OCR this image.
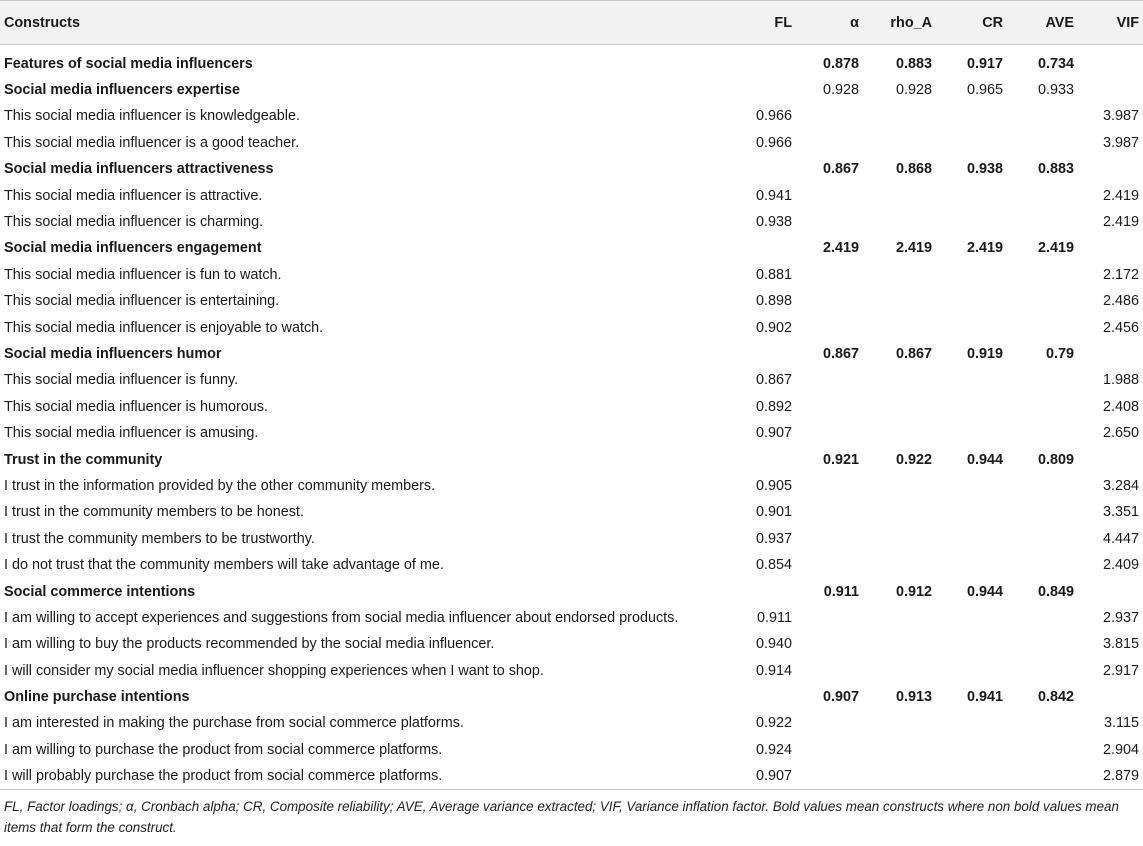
Constructs	FL	α	rho_A	CR	AVE	VIF

Features of social media influencers		0.878	0.883	0.917	0.734	
Social media influencers expertise		0.928	0.928	0.965	0.933	
This social media influencer is knowledgeable.	0.966					3.987
This social media influencer is a good teacher.	0.966					3.987
Social media influencers attractiveness		0.867	0.868	0.938	0.883	
This social media influencer is attractive.	0.941					2.419
This social media influencer is charming.	0.938					2.419
Social media influencers engagement		2.419	2.419	2.419	2.419	
This social media influencer is fun to watch.	0.881					2.172
This social media influencer is entertaining.	0.898					2.486
This social media influencer is enjoyable to watch.	0.902					2.456
Social media influencers humor		0.867	0.867	0.919	0.79	
This social media influencer is funny.	0.867					1.988
This social media influencer is humorous.	0.892					2.408
This social media influencer is amusing.	0.907					2.650
Trust in the community		0.921	0.922	0.944	0.809	
I trust in the information provided by the other community members.	0.905					3.284
I trust in the community members to be honest.	0.901					3.351
I trust the community members to be trustworthy.	0.937					4.447
I do not trust that the community members will take advantage of me.	0.854					2.409
Social commerce intentions		0.911	0.912	0.944	0.849	
I am willing to accept experiences and suggestions from social media influencer about endorsed products.	0.911					2.937
I am willing to buy the products recommended by the social media influencer.	0.940					3.815
I will consider my social media influencer shopping experiences when I want to shop.	0.914					2.917
Online purchase intentions		0.907	0.913	0.941	0.842	
I am interested in making the purchase from social commerce platforms.	0.922					3.115
I am willing to purchase the product from social commerce platforms.	0.924					2.904
I will probably purchase the product from social commerce platforms.	0.907					2.879
FL, Factor loadings; α, Cronbach alpha; CR, Composite reliability; AVE, Average variance extracted; VIF, Variance inflation factor. Bold values mean constructs where non bold values mean items that form the construct.
